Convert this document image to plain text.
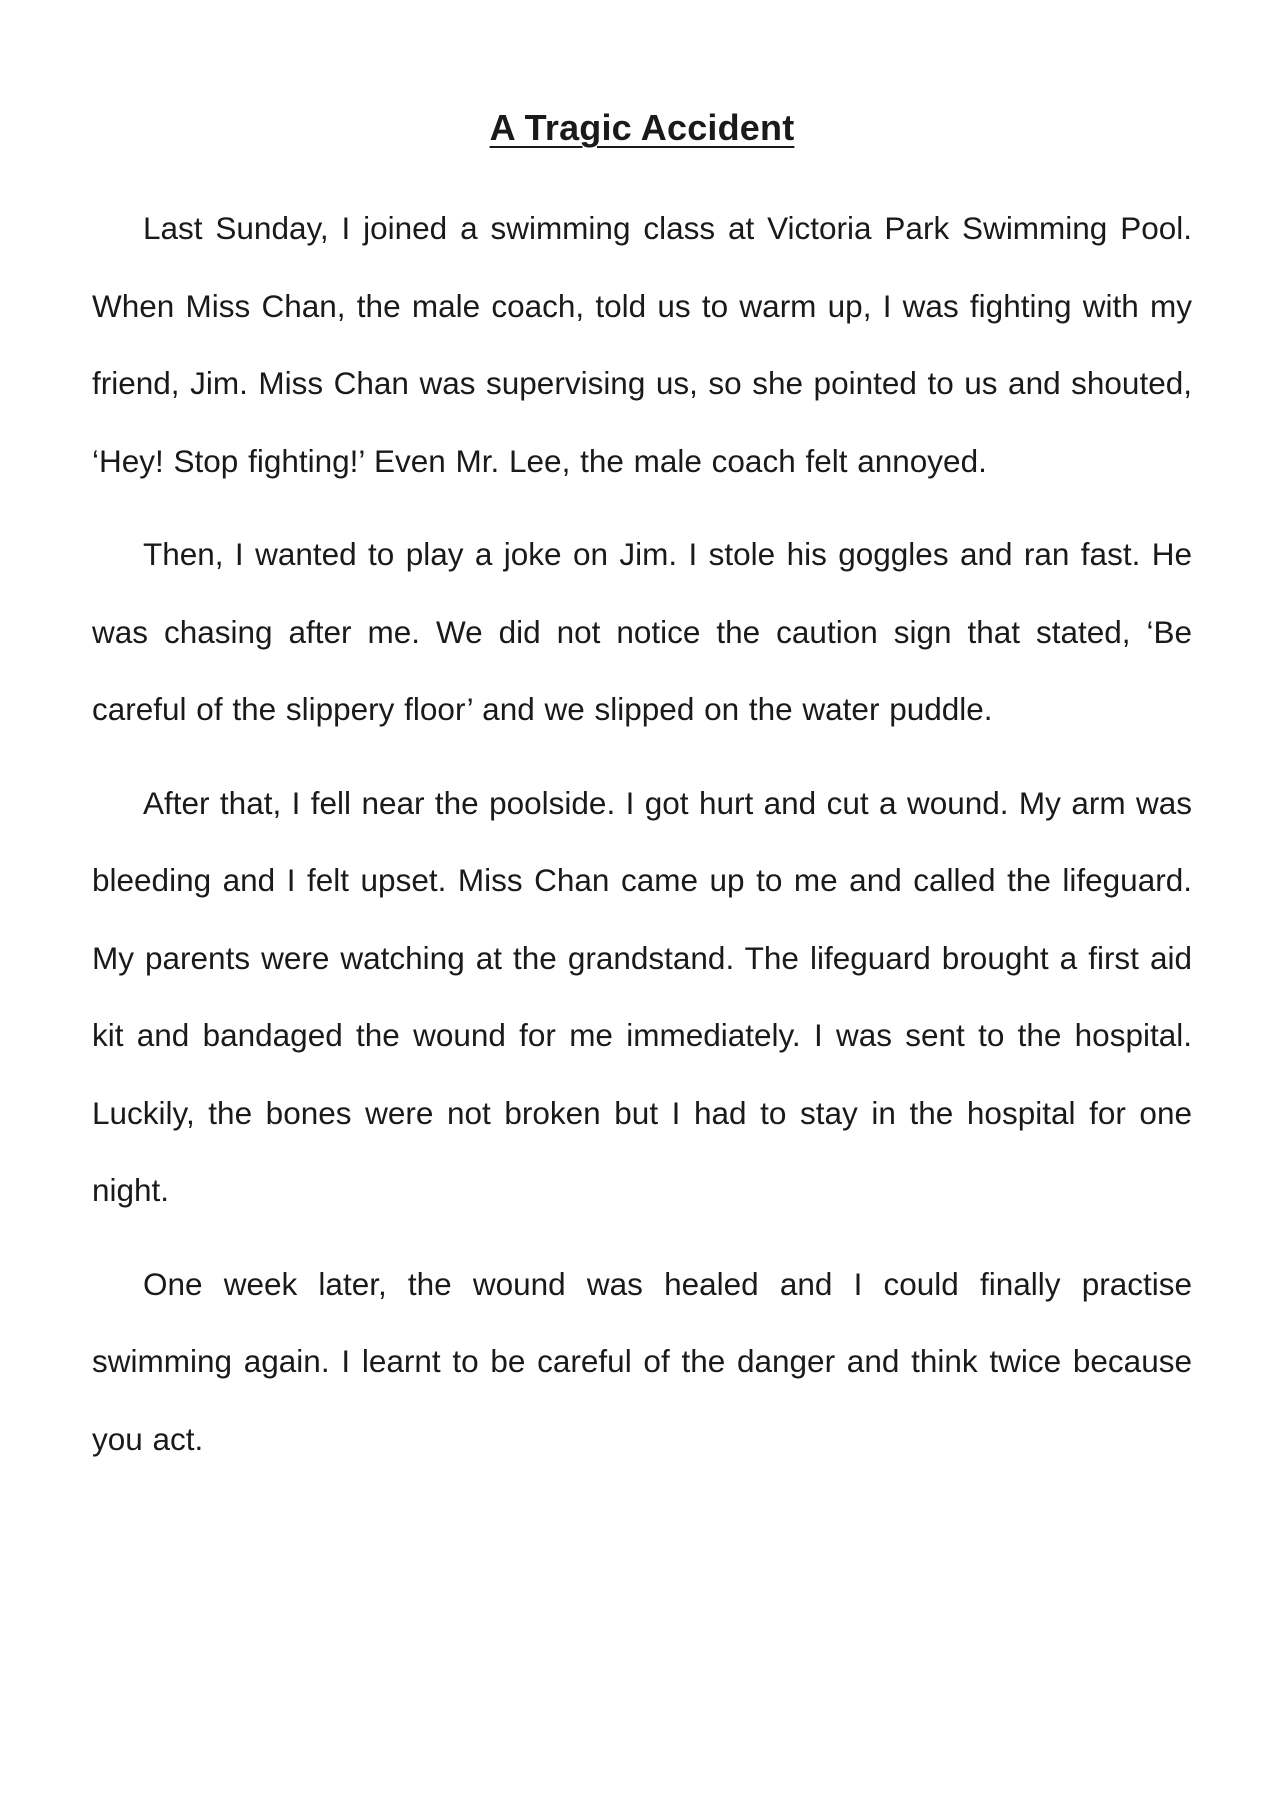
A Tragic Accident

Last Sunday, I joined a swimming class at Victoria Park Swimming Pool. When Miss Chan, the male coach, told us to warm up, I was fighting with my friend, Jim. Miss Chan was supervising us, so she pointed to us and shouted, ‘Hey! Stop fighting!’ Even Mr. Lee, the male coach felt annoyed.

Then, I wanted to play a joke on Jim. I stole his goggles and ran fast. He was chasing after me. We did not notice the caution sign that stated, ‘Be careful of the slippery floor’ and we slipped on the water puddle.

After that, I fell near the poolside. I got hurt and cut a wound. My arm was bleeding and I felt upset. Miss Chan came up to me and called the lifeguard. My parents were watching at the grandstand. The lifeguard brought a first aid kit and bandaged the wound for me immediately. I was sent to the hospital. Luckily, the bones were not broken but I had to stay in the hospital for one night.

One week later, the wound was healed and I could finally practise swimming again. I learnt to be careful of the danger and think twice because you act.
